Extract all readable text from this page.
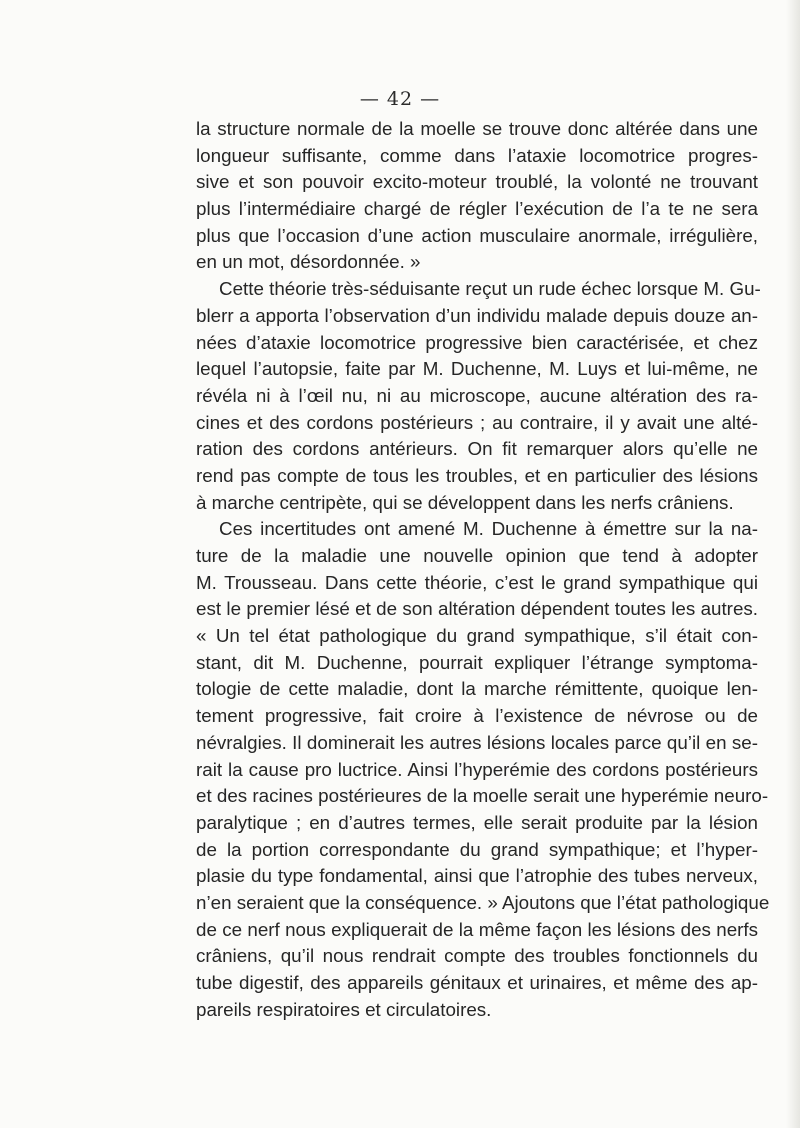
— 42 —
la structure normale de la moelle se trouve donc altérée dans une
longueur suffisante, comme dans l’ataxie locomotrice progres-
sive et son pouvoir excito-moteur troublé, la volonté ne trouvant
plus l’intermédiaire chargé de régler l’exécution de l’a te ne sera
plus que l’occasion d’une action musculaire anormale, irrégulière,
en un mot, désordonnée. »
Cette théorie très-séduisante reçut un rude échec lorsque M. Gu-
blerr a apporta l’observation d’un individu malade depuis douze an-
nées d’ataxie locomotrice progressive bien caractérisée, et chez
lequel l’autopsie, faite par M. Duchenne, M. Luys et lui-même, ne
révéla ni à l’œil nu, ni au microscope, aucune altération des ra-
cines et des cordons postérieurs ; au contraire, il y avait une alté-
ration des cordons antérieurs. On fit remarquer alors qu’elle ne
rend pas compte de tous les troubles, et en particulier des lésions
à marche centripète, qui se développent dans les nerfs crâniens.
Ces incertitudes ont amené M. Duchenne à émettre sur la na-
ture de la maladie une nouvelle opinion que tend à adopter
M. Trousseau. Dans cette théorie, c’est le grand sympathique qui
est le premier lésé et de son altération dépendent toutes les autres.
« Un tel état pathologique du grand sympathique, s’il était con-
stant, dit M. Duchenne, pourrait expliquer l’étrange symptoma-
tologie de cette maladie, dont la marche rémittente, quoique len-
tement progressive, fait croire à l’existence de névrose ou de
névralgies. Il dominerait les autres lésions locales parce qu’il en se-
rait la cause pro luctrice. Ainsi l’hyperémie des cordons postérieurs
et des racines postérieures de la moelle serait une hyperémie neuro-
paralytique ; en d’autres termes, elle serait produite par la lésion
de la portion correspondante du grand sympathique; et l’hyper-
plasie du type fondamental, ainsi que l’atrophie des tubes nerveux,
n’en seraient que la conséquence. » Ajoutons que l’état pathologique
de ce nerf nous expliquerait de la même façon les lésions des nerfs
crâniens, qu’il nous rendrait compte des troubles fonctionnels du
tube digestif, des appareils génitaux et urinaires, et même des ap-
pareils respiratoires et circulatoires.
